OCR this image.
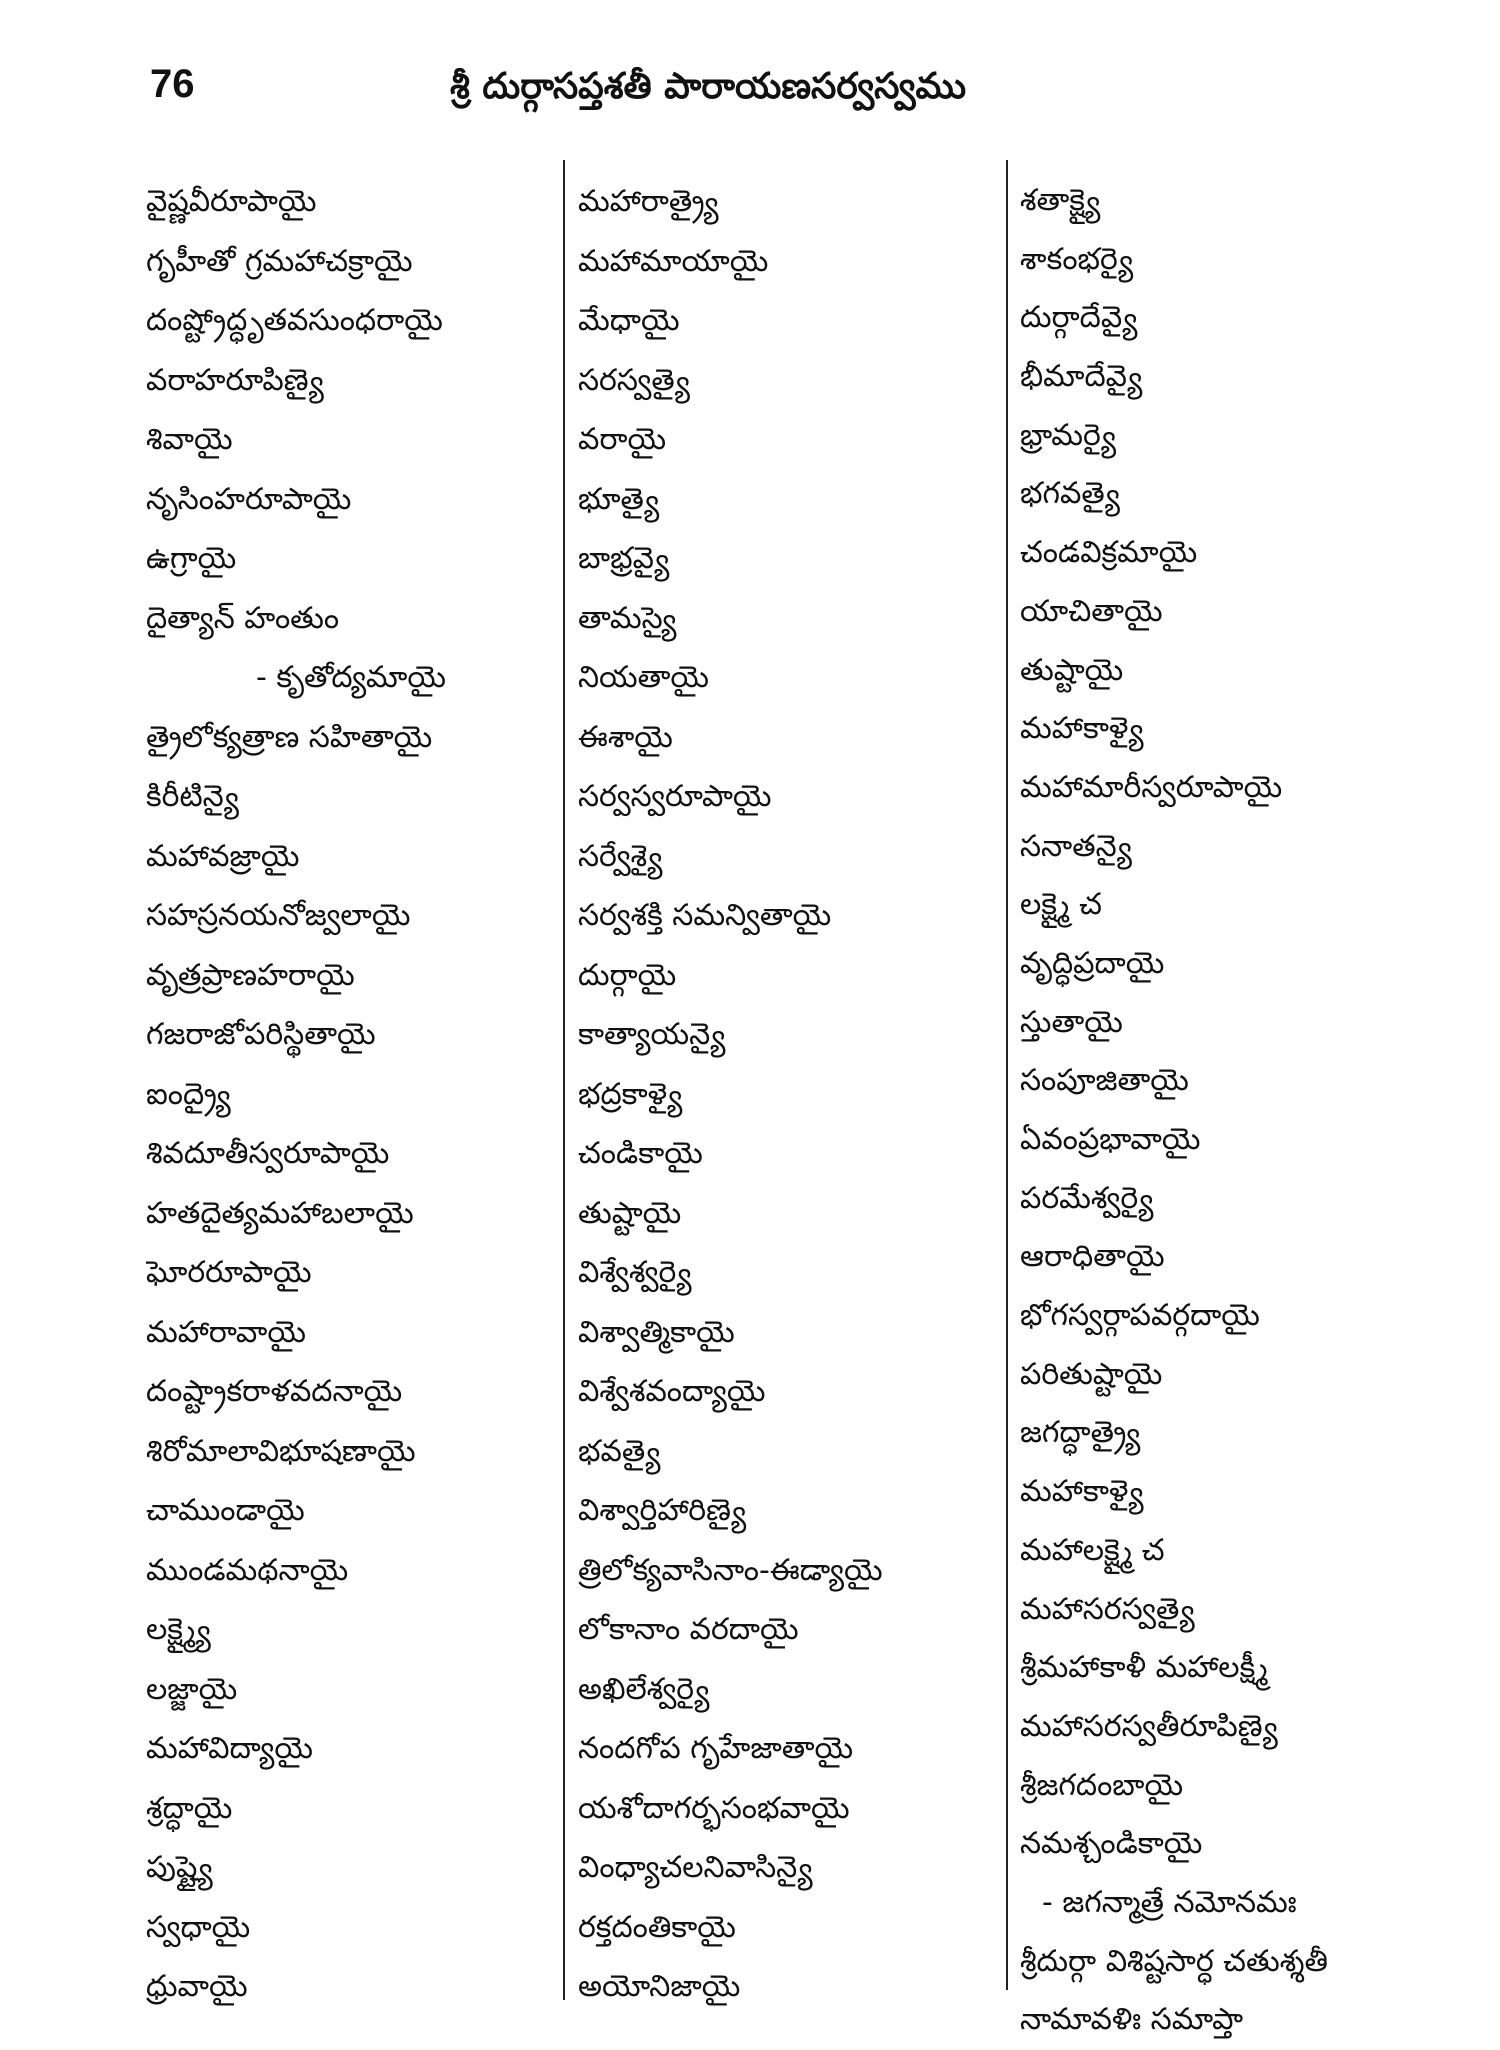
76	శ్రీ దుర్గాసప్తశతీ పారాయణసర్వస్వము
వైష్ణవీరూపాయై
గృహీతో గ్రమహాచక్రాయై
దంష్ట్రోద్ధృతవసుంధరాయై
వరాహరూపిణ్యై
శివాయై
నృసింహరూపాయై
ఉగ్రాయై
దైత్యాన్ హంతుం
- కృతోద్యమాయై
త్రైలోక్యత్రాణ సహితాయై
కిరీటిన్యై
మహావజ్రాయై
సహస్రనయనోజ్వలాయై
వృత్రప్రాణహరాయై
గజరాజోపరిస్థితాయై
ఐంద్ర్యై
శివదూతీస్వరూపాయై
హతదైత్యమహాబలాయై
ఘోరరూపాయై
మహారావాయై
దంష్ట్రాకరాళవదనాయై
శిరోమాలావిభూషణాయై
చాముండాయై
ముండమథనాయై
లక్ష్మ్యై
లజ్జాయై
మహావిద్యాయై
శ్రద్ధాయై
పుష్ట్యై
స్వధాయై
ధ్రువాయై
మహారాత్ర్యై
మహామాయాయై
మేధాయై
సరస్వత్యై
వరాయై
భూత్యై
బాభ్రవ్యై
తామస్యై
నియతాయై
ఈశాయై
సర్వస్వరూపాయై
సర్వేశ్యై
సర్వశక్తి సమన్వితాయై
దుర్గాయై
కాత్యాయన్యై
భద్రకాళ్యై
చండికాయై
తుష్టాయై
విశ్వేశ్వర్యై
విశ్వాత్మికాయై
విశ్వేశవంద్యాయై
భవత్యై
విశ్వార్తిహారిణ్యై
త్రిలోక్యవాసినాం-ఈడ్యాయై
లోకానాం వరదాయై
అఖిలేశ్వర్యై
నందగోప గృహేజాతాయై
యశోదాగర్భసంభవాయై
వింధ్యాచలనివాసిన్యై
రక్తదంతికాయై
అయోనిజాయై
శతాక్ష్యై
శాకంభర్యై
దుర్గాదేవ్యై
భీమాదేవ్యై
భ్రామర్యై
భగవత్యై
చండవిక్రమాయై
యాచితాయై
తుష్టాయై
మహాకాళ్యై
మహామారీస్వరూపాయై
సనాతన్యై
లక్ష్మై చ
వృద్ధిప్రదాయై
స్తుతాయై
సంపూజితాయై
ఏవంప్రభావాయై
పరమేశ్వర్యై
ఆరాధితాయై
భోగస్వర్గాపవర్గదాయై
పరితుష్టాయై
జగద్ధాత్ర్యై
మహాకాళ్యై
మహాలక్ష్మై చ
మహాసరస్వత్యై
శ్రీమహాకాళీ మహాలక్ష్మీ
మహాసరస్వతీరూపిణ్యై
శ్రీజగదంబాయై
నమశ్చండికాయై
- జగన్మాత్రే నమోనమః
శ్రీదుర్గా విశిష్టసార్ధ చతుశ్శతీ
నామావళిః సమాప్తా
